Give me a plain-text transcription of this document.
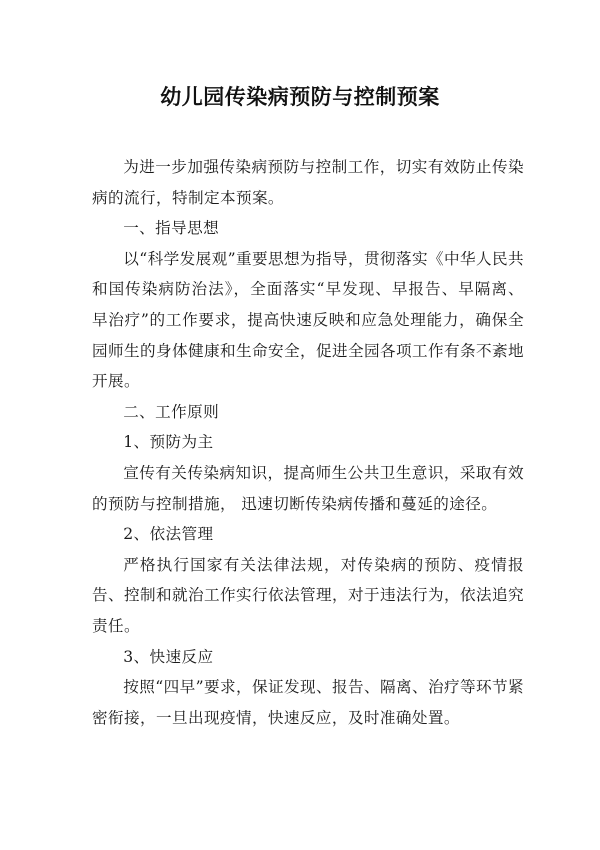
幼儿园传染病预防与控制预案

为进一步加强传染病预防与控制工作，切实有效防止传染病的流行，特制定本预案。

一、指导思想

以“科学发展观”重要思想为指导，贯彻落实《中华人民共和国传染病防治法》，全面落实“早发现、早报告、早隔离、早治疗”的工作要求，提高快速反映和应急处理能力，确保全园师生的身体健康和生命安全，促进全园各项工作有条不紊地开展。

二、工作原则

1、预防为主

宣传有关传染病知识，提高师生公共卫生意识，采取有效的预防与控制措施， 迅速切断传染病传播和蔓延的途径。

2、依法管理

严格执行国家有关法律法规，对传染病的预防、疫情报告、控制和就治工作实行依法管理，对于违法行为，依法追究责任。

3、快速反应

按照“四早”要求，保证发现、报告、隔离、治疗等环节紧密衔接，一旦出现疫情，快速反应，及时准确处置。
